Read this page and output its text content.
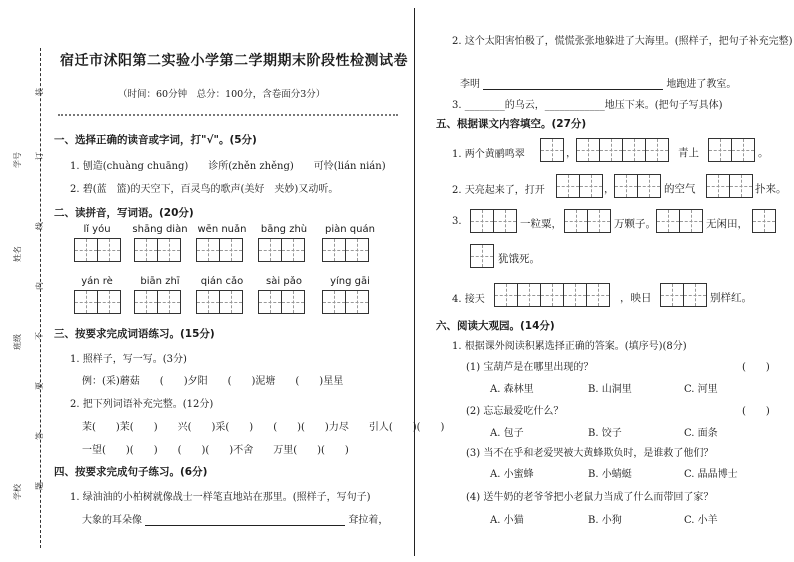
学号
姓名
班级
学校
装
订
线
内
不
要
答
题
宿迁市沭阳第二实验小学第二学期期末阶段性检测试卷
（时间：60分钟　总分：100分，含卷面分3分）
一、选择正确的读音或字词，打"√"。(5分)
1. 刨造(chuàng chuāng)　　诊所(zhěn zhěng)　　可怜(lián nián)
2. 碧(蓝　篮)的天空下，百灵鸟的歌声(美好　夹妙)又动听。
二、读拼音，写词语。(20分)
lǐ yóu	shāng diàn wēn nuǎn	bāng zhù	piàn quán
yán rè	biān zhī	qián cǎo	sài pǎo	yíng gāi
三、按要求完成词语练习。(15分)
1. 照样子，写一写。(3分)
例：(采)蘑菇　　(　　)夕阳　　(　　)泥塘　　(　　)星星
2. 把下列词语补充完整。(12分)
茉(　　)茉(　　)　　兴(　　)采(　　)　　(　　)(　　)力尽　　引人(　　)(　　)
一望(　　)(　　)　　(　　)(　　)不舍　　万里(　　)(　　)
四、按要求完成句子练习。(6分)
1. 绿油油的小柏树就像战士一样笔直地站在那里。(照样子，写句子)
大象的耳朵像	耷拉着，
2. 这个太阳害怕极了，慌慌张张地躲进了大海里。(照样子，把句子补充完整)
李明	地跑进了教室。
3. ________的乌云，____________地压下来。(把句子写具体)
五、根据课文内容填空。(27分)
1. 两个黄鹂鸣翠	，	青上	。
2. 天亮起来了，打开	，	的空气	扑来。
3.	一粒粟，	万颗子。	无闲田，
犹饿死。
4. 接天	，映日	别样红。
六、阅读大观园。(14分)
1. 根据课外阅读积累选择正确的答案。(填序号)(8分)
(1) 宝葫芦是在哪里出现的？	(　　)
A. 森林里	B. 山洞里	C. 河里
(2) 忘忘最爱吃什么？	(　　)
A. 包子	B. 饺子	C. 面条
(3) 当不在乎和老爱哭被大黄蜂欺负时，是谁救了他们？
A. 小蜜蜂	B. 小蜻蜓	C. 晶晶博士
(4) 送牛奶的老爷爷把小老鼠力当成了什么而带回了家？
A. 小猫	B. 小狗	C. 小羊
